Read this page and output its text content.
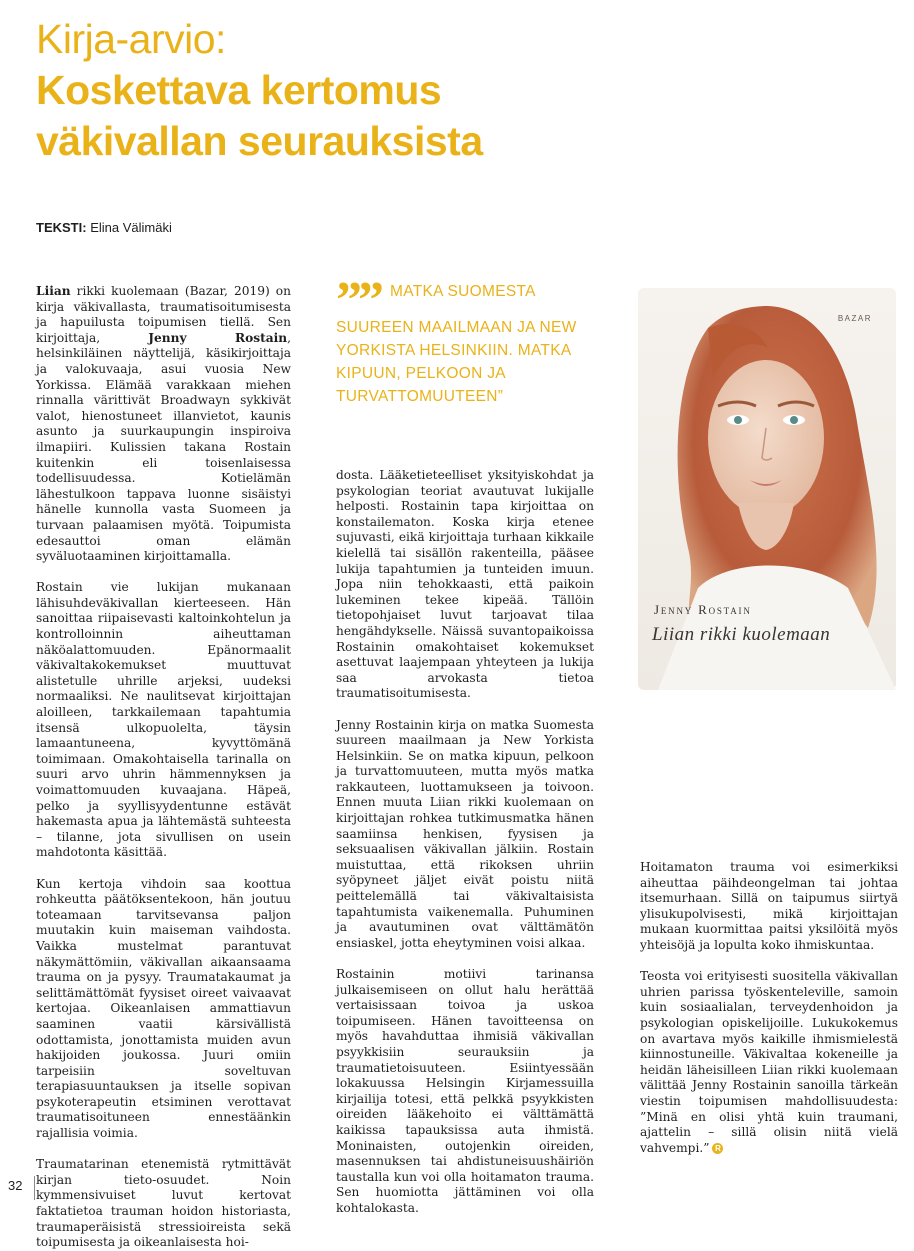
Kirja-arvio:
Koskettava kertomus
väkivallan seurauksista
TEKSTI: Elina Välimäki

Liian rikki kuolemaan (Bazar, 2019) on kirja väkivallasta, traumatisoitumisesta ja hapuilusta toipumisen tiellä. Sen kirjoittaja, Jenny Rostain, helsinkiläinen näyttelijä, käsikirjoittaja ja valokuvaaja, asui vuosia New Yorkissa. Elämää varakkaan miehen rinnalla värittivät Broadwayn sykkivät valot, hienostuneet illanvietot, kaunis asunto ja suurkaupungin inspiroiva ilmapiiri. Kulissien takana Rostain kuitenkin eli toisenlaisessa todellisuudessa. Kotielämän lähestulkoon tappava luonne sisäistyi hänelle kunnolla vasta Suomeen ja turvaan palaamisen myötä. Toipumista edesauttoi oman elämän syväluotaaminen kirjoittamalla.

Rostain vie lukijan mukanaan lähisuhdeväkivallan kierteeseen. Hän sanoittaa riipaisevasti kaltoinkohtelun ja kontrolloinnin aiheuttaman näköalattomuuden. Epänormaalit väkivaltakokemukset muuttuvat alistetulle uhrille arjeksi, uudeksi normaaliksi. Ne naulitsevat kirjoittajan aloilleen, tarkkailemaan tapahtumia itsensä ulkopuolelta, täysin lamaantuneena, kyvyttömänä toimimaan. Omakohtaisella tarinalla on suuri arvo uhrin hämmennyksen ja voimattomuuden kuvaajana. Häpeä, pelko ja syyllisyydentunne estävät hakemasta apua ja lähtemästä suhteesta – tilanne, jota sivullisen on usein mahdotonta käsittää.

Kun kertoja vihdoin saa koottua rohkeutta päätöksentekoon, hän joutuu toteamaan tarvitsevansa paljon muutakin kuin maiseman vaihdosta. Vaikka mustelmat parantuvat näkymättömiin, väkivallan aikaansaama trauma on ja pysyy. Traumatakaumat ja selittämättömät fyysiset oireet vaivaavat kertojaa. Oikeanlaisen ammattiavun saaminen vaatii kärsivällistä odottamista, jonottamista muiden avun hakijoiden joukossa. Juuri omiin tarpeisiin soveltuvan terapiasuuntauksen ja itselle sopivan psykoterapeutin etsiminen verottavat traumatisoituneen ennestäänkin rajallisia voimia.

Traumatarinan etenemistä rytmittävät kirjan tieto-osuudet. Noin kymmensivuiset luvut kertovat faktatietoa trauman hoidon historiasta, traumaperäisistä stressioireista sekä toipumisesta ja oikeanlaisesta hoi-

”” MATKA SUOMESTA SUUREEN MAAILMAAN JA NEW YORKISTA HELSINKIIN. MATKA KIPUUN, PELKOON JA TURVATTOMUUTEEN”

dosta. Lääketieteelliset yksityiskohdat ja psykologian teoriat avautuvat lukijalle helposti. Rostainin tapa kirjoittaa on konstailematon. Koska kirja etenee sujuvasti, eikä kirjoittaja turhaan kikkaile kielellä tai sisällön rakenteilla, pääsee lukija tapahtumien ja tunteiden imuun. Jopa niin tehokkaasti, että paikoin lukeminen tekee kipeää. Tällöin tietopohjaiset luvut tarjoavat tilaa hengähdykselle. Näissä suvantopaikoissa Rostainin omakohtaiset kokemukset asettuvat laajempaan yhteyteen ja lukija saa arvokasta tietoa traumatisoitumisesta.

Jenny Rostainin kirja on matka Suomesta suureen maailmaan ja New Yorkista Helsinkiin. Se on matka kipuun, pelkoon ja turvattomuuteen, mutta myös matka rakkauteen, luottamukseen ja toivoon. Ennen muuta Liian rikki kuolemaan on kirjoittajan rohkea tutkimusmatka hänen saamiinsa henkisen, fyysisen ja seksuaalisen väkivallan jälkiin. Rostain muistuttaa, että rikoksen uhriin syöpyneet jäljet eivät poistu niitä peittelemällä tai väkivaltaisista tapahtumista vaikenemalla. Puhuminen ja avautuminen ovat välttämätön ensiaskel, jotta eheytyminen voisi alkaa.

Rostainin motiivi tarinansa julkaisemiseen on ollut halu herättää vertaisissaan toivoa ja uskoa toipumiseen. Hänen tavoitteensa on myös havahduttaa ihmisiä väkivallan psyykkisiin seurauksiin ja traumatietoisuuteen. Esiintyessään lokakuussa Helsingin Kirjamessuilla kirjailija totesi, että pelkkä psyykkisten oireiden lääkehoito ei välttämättä kaikissa tapauksissa auta ihmistä. Moninaisten, outojenkin oireiden, masennuksen tai ahdistuneisuushäiriön taustalla kun voi olla hoitamaton trauma. Sen huomiotta jättäminen voi olla kohtalokasta.

BAZAR
Jenny Rostain
Liian rikki kuolemaan

Hoitamaton trauma voi esimerkiksi aiheuttaa päihdeongelman tai johtaa itsemurhaan. Sillä on taipumus siirtyä ylisukupolvisesti, mikä kirjoittajan mukaan kuormittaa paitsi yksilöitä myös yhteisöjä ja lopulta koko ihmiskuntaa.

Teosta voi erityisesti suositella väkivallan uhrien parissa työskenteleville, samoin kuin sosiaalialan, terveydenhoidon ja psykologian opiskelijoille. Lukukokemus on avartava myös kaikille ihmismielestä kiinnostuneille. Väkivaltaa kokeneille ja heidän läheisilleen Liian rikki kuolemaan välittää Jenny Rostainin sanoilla tärkeän viestin toipumisen mahdollisuudesta: ”Minä en olisi yhtä kuin traumani, ajattelin – sillä olisin niitä vielä vahvempi.” R

32
